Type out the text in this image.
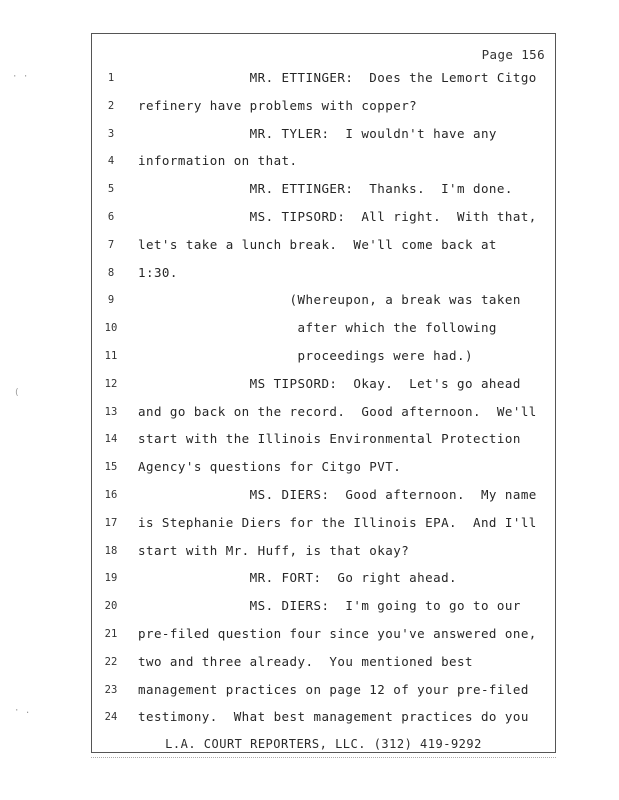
Page 156
1	MR. ETTINGER:  Does the Lemort Citgo
2	refinery have problems with copper?
3	MR. TYLER:  I wouldn't have any
4	information on that.
5	MR. ETTINGER:  Thanks.  I'm done.
6	MS. TIPSORD:  All right.  With that,
7	let's take a lunch break.  We'll come back at
8	1:30.
9	(Whereupon, a break was taken
10	after which the following
11	proceedings were had.)
12	MS TIPSORD:  Okay.  Let's go ahead
13	and go back on the record.  Good afternoon.  We'll
14	start with the Illinois Environmental Protection
15	Agency's questions for Citgo PVT.
16	MS. DIERS:  Good afternoon.  My name
17	is Stephanie Diers for the Illinois EPA.  And I'll
18	start with Mr. Huff, is that okay?
19	MR. FORT:  Go right ahead.
20	MS. DIERS:  I'm going to go to our
21	pre-filed question four since you've answered one,
22	two and three already.  You mentioned best
23	management practices on page 12 of your pre-filed
24	testimony.  What best management practices do you
L.A. COURT REPORTERS, LLC. (312) 419-9292
· ·
(
· .
